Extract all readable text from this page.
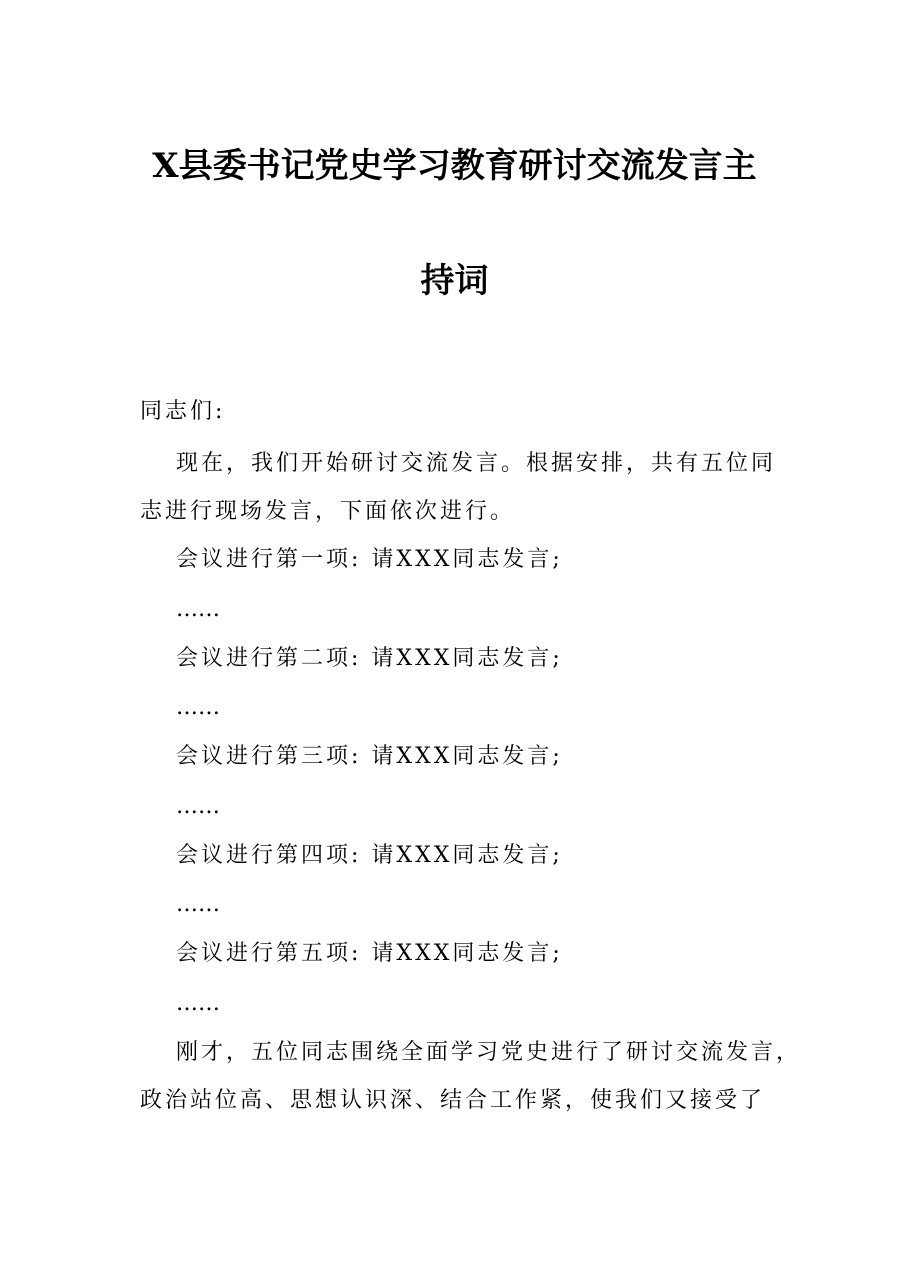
X县委书记党史学习教育研讨交流发言主
持词
同志们:
现在，我们开始研讨交流发言。根据安排，共有五位同
志进行现场发言，下面依次进行。
会议进行第一项: 请XXX同志发言;
……
会议进行第二项: 请XXX同志发言;
……
会议进行第三项: 请XXX同志发言;
……
会议进行第四项: 请XXX同志发言;
……
会议进行第五项: 请XXX同志发言;
……
刚才，五位同志围绕全面学习党史进行了研讨交流发言，
政治站位高、思想认识深、结合工作紧，使我们又接受了
